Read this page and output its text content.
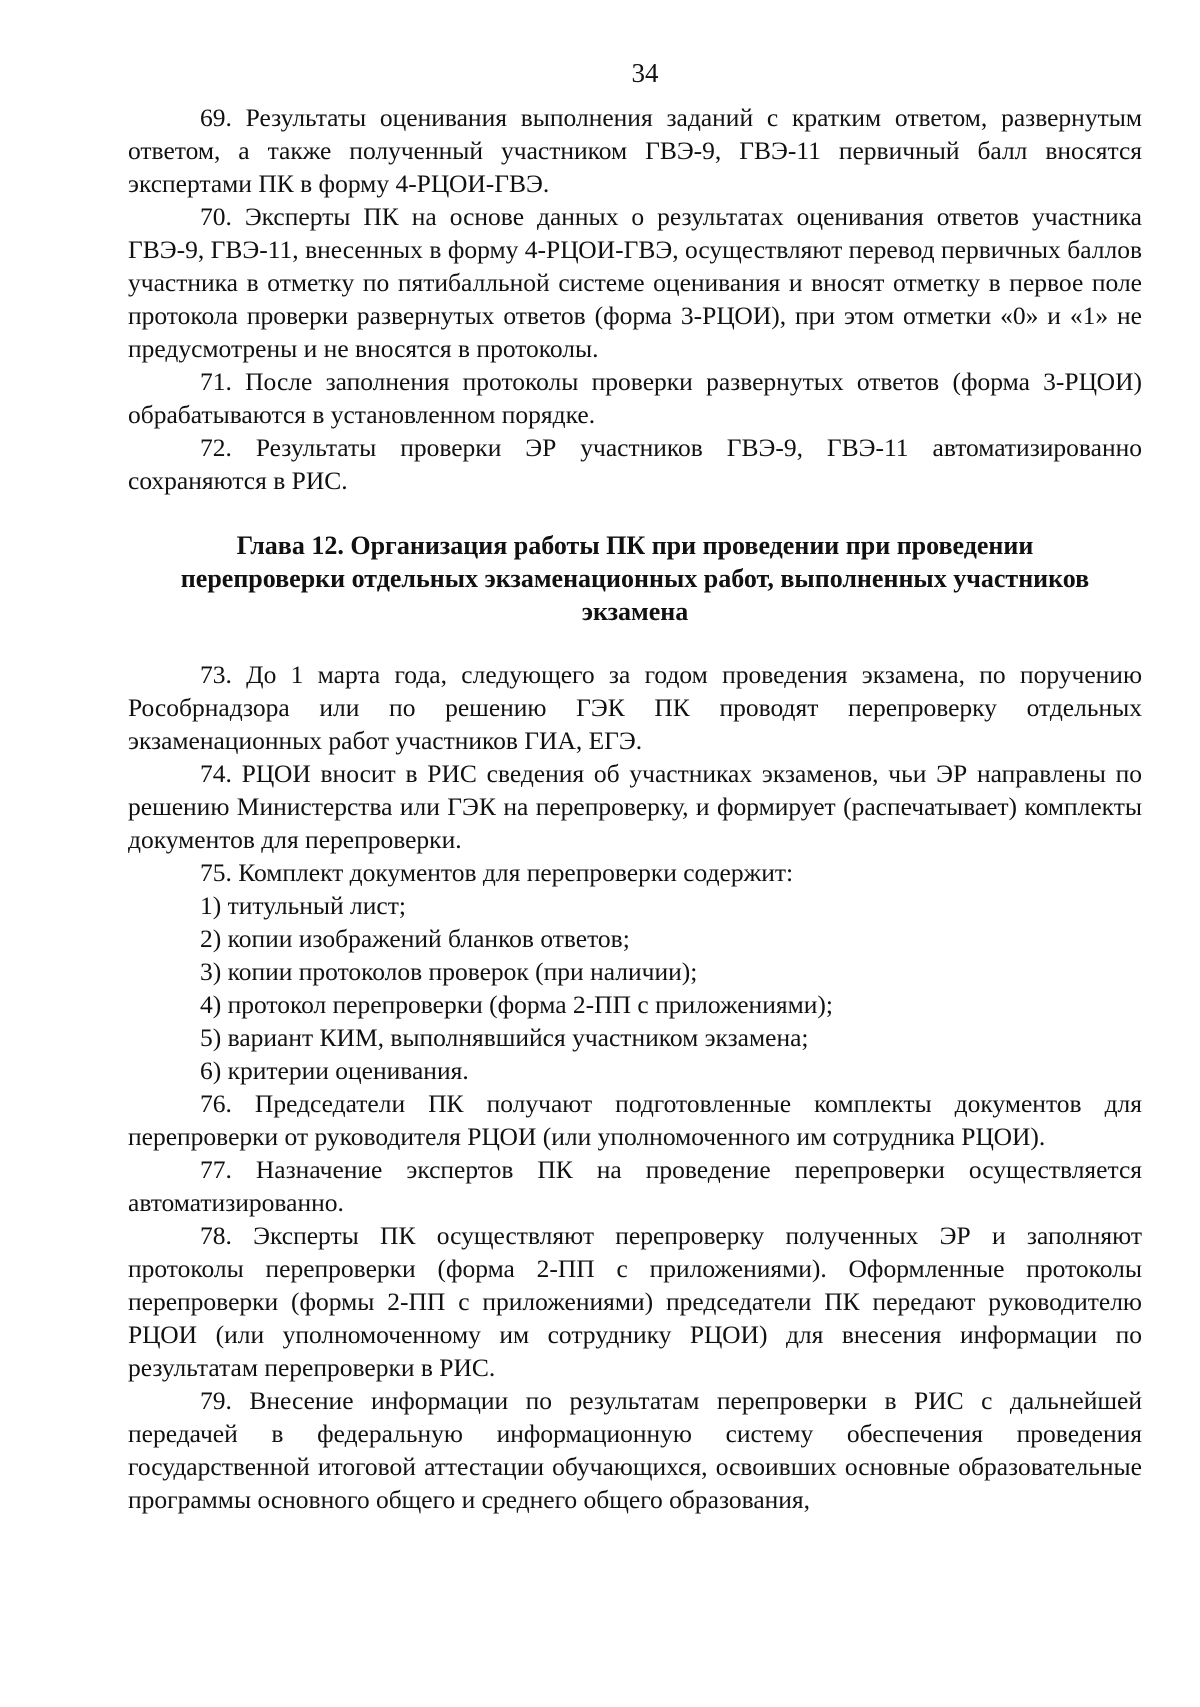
34

69. Результаты оценивания выполнения заданий с кратким ответом, развернутым ответом, а также полученный участником ГВЭ-9, ГВЭ-11 первичный балл вносятся экспертами ПК в форму 4-РЦОИ-ГВЭ.

70. Эксперты ПК на основе данных о результатах оценивания ответов участника ГВЭ-9, ГВЭ-11, внесенных в форму 4-РЦОИ-ГВЭ, осуществляют перевод первичных баллов участника в отметку по пятибалльной системе оценивания и вносят отметку в первое поле протокола проверки развернутых ответов (форма 3-РЦОИ), при этом отметки «0» и «1» не предусмотрены и не вносятся в протоколы.

71. После заполнения протоколы проверки развернутых ответов (форма 3-РЦОИ) обрабатываются в установленном порядке.

72. Результаты проверки ЭР участников ГВЭ-9, ГВЭ-11 автоматизированно сохраняются в РИС.

Глава 12. Организация работы ПК при проведении при проведении перепроверки отдельных экзаменационных работ, выполненных участников экзамена

73. До 1 марта года, следующего за годом проведения экзамена, по поручению Рособрнадзора или по решению ГЭК ПК проводят перепроверку отдельных экзаменационных работ участников ГИА, ЕГЭ.

74. РЦОИ вносит в РИС сведения об участниках экзаменов, чьи ЭР направлены по решению Министерства или ГЭК на перепроверку, и формирует (распечатывает) комплекты документов для перепроверки.

75. Комплект документов для перепроверки содержит:

1) титульный лист;

2) копии изображений бланков ответов;

3) копии протоколов проверок (при наличии);

4) протокол перепроверки (форма 2-ПП с приложениями);

5) вариант КИМ, выполнявшийся участником экзамена;

6) критерии оценивания.

76. Председатели ПК получают подготовленные комплекты документов для перепроверки от руководителя РЦОИ (или уполномоченного им сотрудника РЦОИ).

77. Назначение экспертов ПК на проведение перепроверки осуществляется автоматизированно.

78. Эксперты ПК осуществляют перепроверку полученных ЭР и заполняют протоколы перепроверки (форма 2-ПП с приложениями). Оформленные протоколы перепроверки (формы 2-ПП с приложениями) председатели ПК передают руководителю РЦОИ (или уполномоченному им сотруднику РЦОИ) для внесения информации по результатам перепроверки в РИС.

79. Внесение информации по результатам перепроверки в РИС с дальнейшей передачей в федеральную информационную систему обеспечения проведения государственной итоговой аттестации обучающихся, освоивших основные образовательные программы основного общего и среднего общего образования,
